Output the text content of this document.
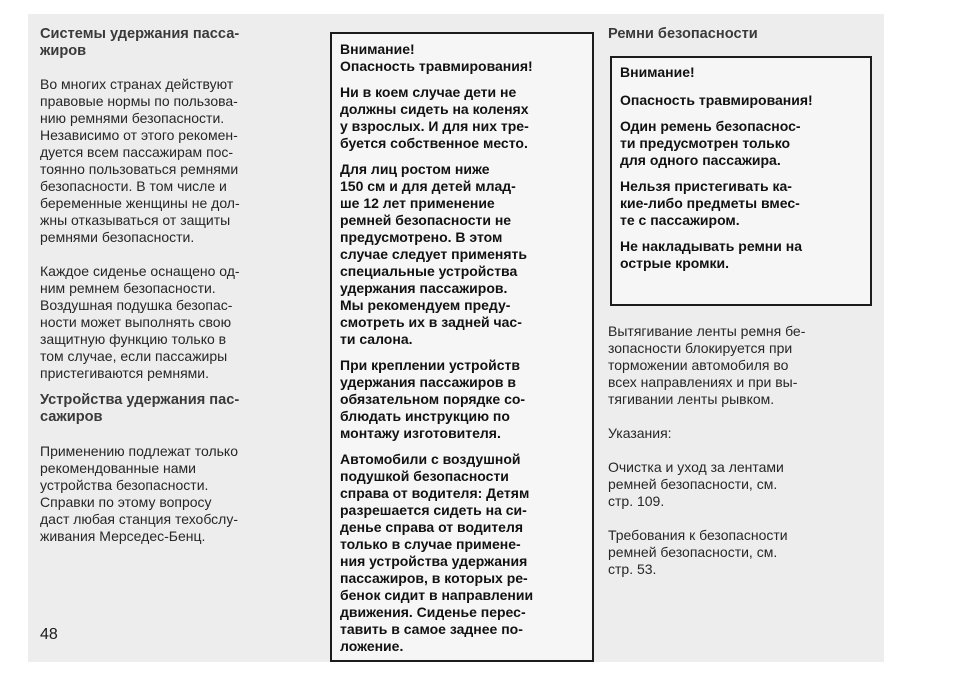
Системы удержания пасса-
жиров

Во многих странах действуют
правовые нормы по пользова-
нию ремнями безопасности.
Независимо от этого рекомен-
дуется всем пассажирам пос-
тоянно пользоваться ремнями
безопасности. В том числе и
беременные женщины не дол-
жны отказываться от защиты
ремнями безопасности.

Каждое сиденье оснащено од-
ним ремнем безопасности.
Воздушная подушка безопас-
ности может выполнять свою
защитную функцию только в
том случае, если пассажиры
пристегиваются ремнями.

Устройства удержания пас-
сажиров

Применению подлежат только
рекомендованные нами
устройства безопасности.
Справки по этому вопросу
даст любая станция техобслу-
живания Мерседес-Бенц.

Внимание!
Опасность травмирования!

Ни в коем случае дети не
должны сидеть на коленях
у взрослых. И для них тре-
буется собственное место.

Для лиц ростом ниже
150 см и для детей млад-
ше 12 лет применение
ремней безопасности не
предусмотрено. В этом
случае следует применять
специальные устройства
удержания пассажиров.
Мы рекомендуем преду-
смотреть их в задней час-
ти салона.

При креплении устройств
удержания пассажиров в
обязательном порядке со-
блюдать инструкцию по
монтажу изготовителя.

Автомобили с воздушной
подушкой безопасности
справа от водителя: Детям
разрешается сидеть на си-
денье справа от водителя
только в случае примене-
ния устройства удержания
пассажиров, в которых ре-
бенок сидит в направлении
движения. Сиденье перес-
тавить в самое заднее по-
ложение.

Ремни безопасности

Внимание!

Опасность травмирования!

Один ремень безопаснос-
ти предусмотрен только
для одного пассажира.

Нельзя пристегивать ка-
кие-либо предметы вмес-
те с пассажиром.

Не накладывать ремни на
острые кромки.

Вытягивание ленты ремня бе-
зопасности блокируется при
торможении автомобиля во
всех направлениях и при вы-
тягивании ленты рывком.

Указания:

Очистка и уход за лентами
ремней безопасности, см.
стр. 109.

Требования к безопасности
ремней безопасности, см.
стр. 53.

48
